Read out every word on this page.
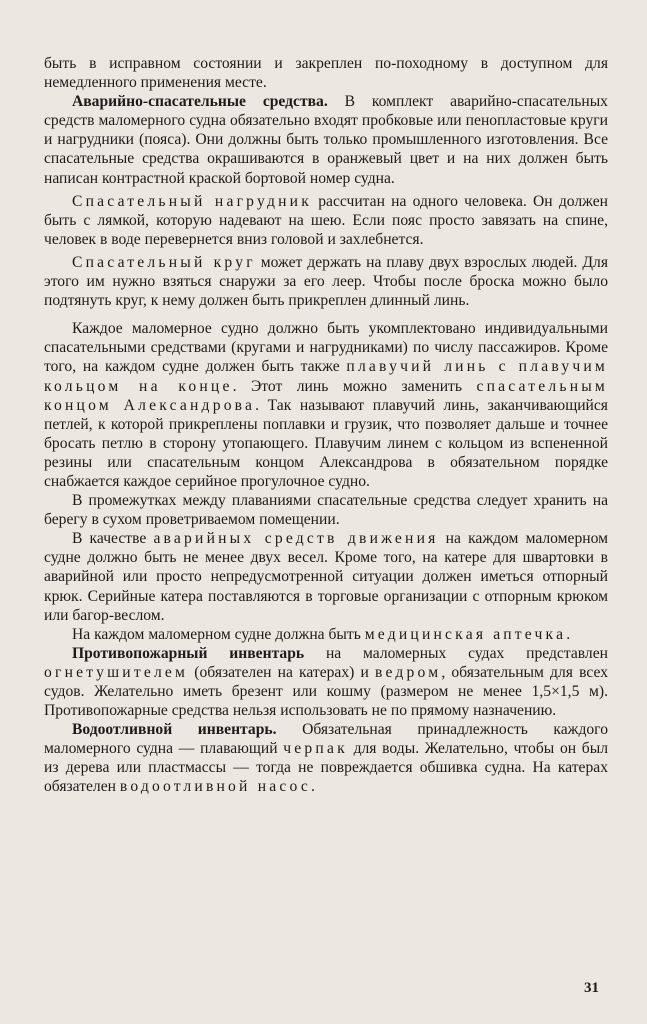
быть в исправном состоянии и закреплен по-походному в доступном для немедленного применения месте.

Аварийно-спасательные средства. В комплект аварийно-спасательных средств маломерного судна обязательно входят пробковые или пенопластовые круги и нагрудники (пояса). Они должны быть только промышленного изготовления. Все спасательные средства окрашиваются в оранжевый цвет и на них должен быть написан контрастной краской бортовой номер судна.

Спасательный нагрудник рассчитан на одного человека. Он должен быть с лямкой, которую надевают на шею. Если пояс просто завязать на спине, человек в воде перевернется вниз головой и захлебнется.

Спасательный круг может держать на плаву двух взрослых людей. Для этого им нужно взяться снаружи за его леер. Чтобы после броска можно было подтянуть круг, к нему должен быть прикреплен длинный линь.

Каждое маломерное судно должно быть укомплектовано индивидуальными спасательными средствами (кругами и нагрудниками) по числу пассажиров. Кроме того, на каждом судне должен быть также плавучий линь с плавучим кольцом на конце. Этот линь можно заменить спасательным концом Александрова. Так называют плавучий линь, заканчивающийся петлей, к которой прикреплены поплавки и грузик, что позволяет дальше и точнее бросать петлю в сторону утопающего. Плавучим линем с кольцом из вспененной резины или спасательным концом Александрова в обязательном порядке снабжается каждое серийное прогулочное судно.

В промежутках между плаваниями спасательные средства следует хранить на берегу в сухом проветриваемом помещении.

В качестве аварийных средств движения на каждом маломерном судне должно быть не менее двух весел. Кроме того, на катере для швартовки в аварийной или просто непредусмотренной ситуации должен иметься отпорный крюк. Серийные катера поставляются в торговые организации с отпорным крюком или багор-веслом.

На каждом маломерном судне должна быть медицинская аптечка.

Противопожарный инвентарь на маломерных судах представлен огнетушителем (обязателен на катерах) и ведром, обязательным для всех судов. Желательно иметь брезент или кошму (размером не менее 1,5×1,5 м). Противопожарные средства нельзя использовать не по прямому назначению.

Водоотливной инвентарь. Обязательная принадлежность каждого маломерного судна — плавающий черпак для воды. Желательно, чтобы он был из дерева или пластмассы — тогда не повреждается обшивка судна. На катерах обязателен водоотливной насос.

31
